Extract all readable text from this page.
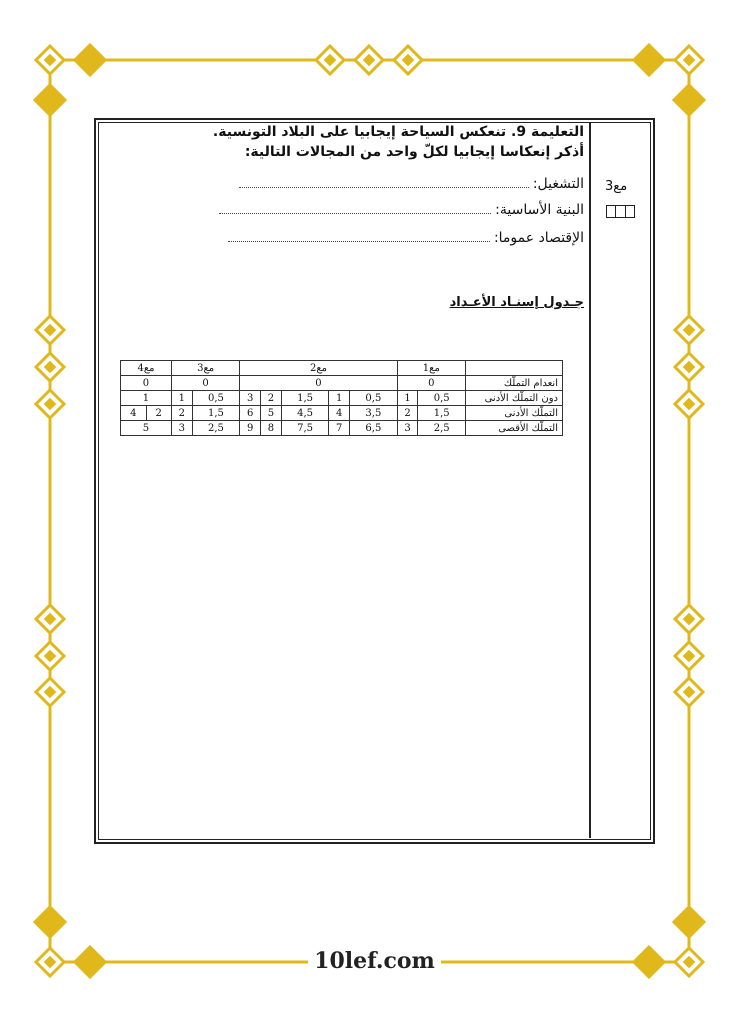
مع3
التعليمة 9. تنعكس السياحة إيجابيا على البلاد التونسية.
أذكر إنعكاسا إيجابيا لكلّ واحد من المجالات التالية:
التشغيل:
البنية الأساسية:
الإقتصاد عموما:
جـدول إسنـاد الأعـداد
	مع1		مع2					مع3		مع4	
انعدام التملّك	0		0					0		0	
دون التملّك الأدنى	0,5	1	0,5	1	1,5	2	3	0,5	1	1	
التملّك الأدنى	1,5	2	3,5	4	4,5	5	6	1,5	2	2	4
التملّك الأقصى	2,5	3	6,5	7	7,5	8	9	2,5	3	5	
10lef.com
